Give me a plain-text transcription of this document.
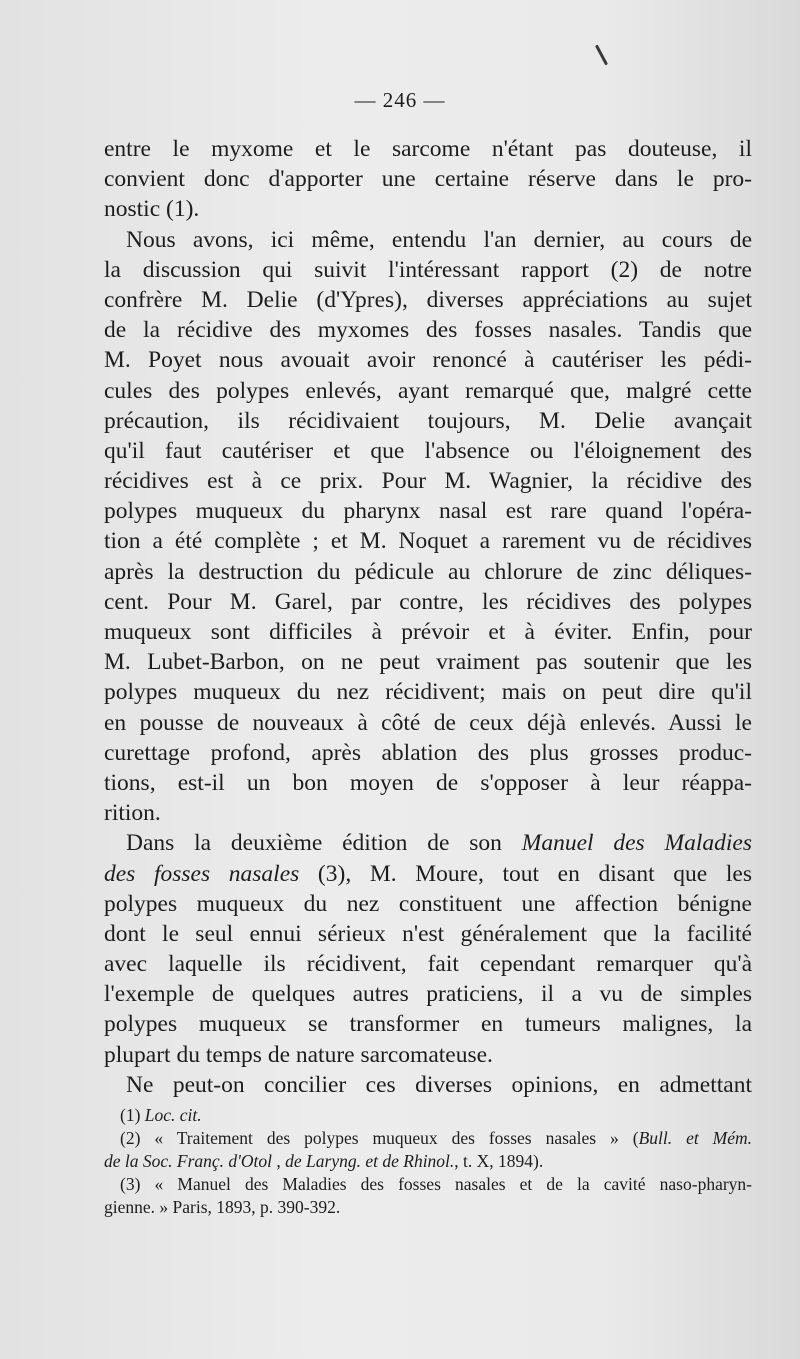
— 246 —
entre le myxome et le sarcome n'étant pas douteuse, il
convient donc d'apporter une certaine réserve dans le pro-
nostic (1).
Nous avons, ici même, entendu l'an dernier, au cours de
la discussion qui suivit l'intéressant rapport (2) de notre
confrère M. Delie (d'Ypres), diverses appréciations au sujet
de la récidive des myxomes des fosses nasales. Tandis que
M. Poyet nous avouait avoir renoncé à cautériser les pédi-
cules des polypes enlevés, ayant remarqué que, malgré cette
précaution, ils récidivaient toujours, M. Delie avançait
qu'il faut cautériser et que l'absence ou l'éloignement des
récidives est à ce prix. Pour M. Wagnier, la récidive des
polypes muqueux du pharynx nasal est rare quand l'opéra-
tion a été complète ; et M. Noquet a rarement vu de récidives
après la destruction du pédicule au chlorure de zinc déliques-
cent. Pour M. Garel, par contre, les récidives des polypes
muqueux sont difficiles à prévoir et à éviter. Enfin, pour
M. Lubet-Barbon, on ne peut vraiment pas soutenir que les
polypes muqueux du nez récidivent; mais on peut dire qu'il
en pousse de nouveaux à côté de ceux déjà enlevés. Aussi le
curettage profond, après ablation des plus grosses produc-
tions, est-il un bon moyen de s'opposer à leur réappa-
rition.
Dans la deuxième édition de son Manuel des Maladies
des fosses nasales (3), M. Moure, tout en disant que les
polypes muqueux du nez constituent une affection bénigne
dont le seul ennui sérieux n'est généralement que la facilité
avec laquelle ils récidivent, fait cependant remarquer qu'à
l'exemple de quelques autres praticiens, il a vu de simples
polypes muqueux se transformer en tumeurs malignes, la
plupart du temps de nature sarcomateuse.
Ne peut-on concilier ces diverses opinions, en admettant
(1) Loc. cit.
(2) « Traitement des polypes muqueux des fosses nasales » (Bull. et Mém.
de la Soc. Franç. d'Otol , de Laryng. et de Rhinol., t. X, 1894).
(3) « Manuel des Maladies des fosses nasales et de la cavité naso-pharyn-
gienne. » Paris, 1893, p. 390-392.
